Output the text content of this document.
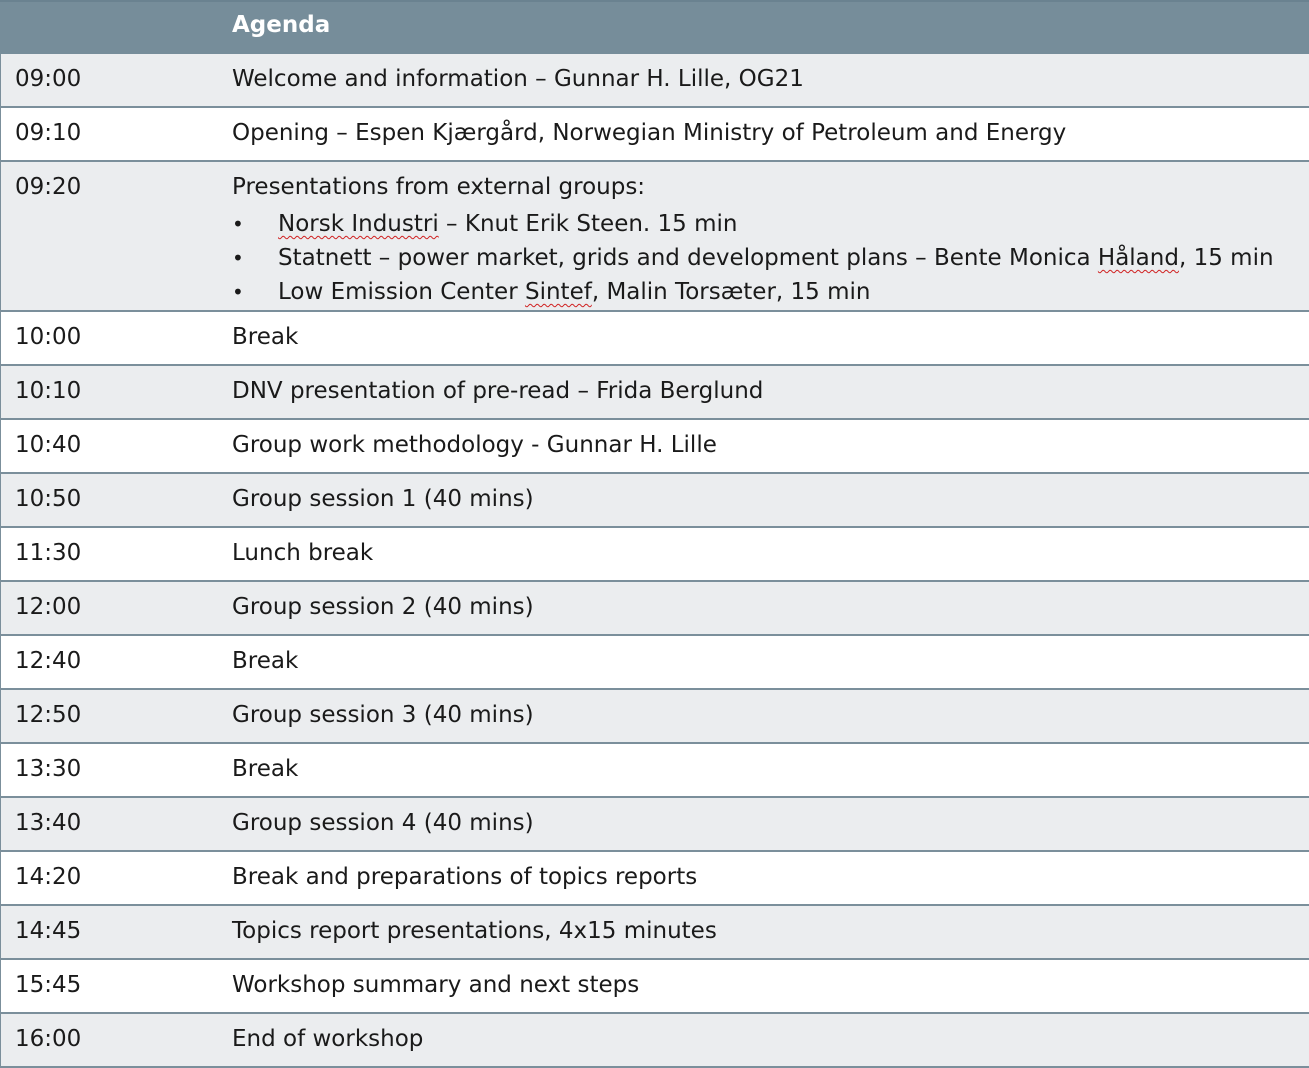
Agenda
09:00	Welcome and information – Gunnar H. Lille, OG21
09:10	Opening – Espen Kjærgård, Norwegian Ministry of Petroleum and Energy
09:20	Presentations from external groups:
• Norsk Industri – Knut Erik Steen. 15 min
• Statnett – power market, grids and development plans – Bente Monica Håland, 15 min
• Low Emission Center Sintef, Malin Torsæter, 15 min
10:00	Break
10:10	DNV presentation of pre-read – Frida Berglund
10:40	Group work methodology - Gunnar H. Lille
10:50	Group session 1 (40 mins)
11:30	Lunch break
12:00	Group session 2 (40 mins)
12:40	Break
12:50	Group session 3 (40 mins)
13:30	Break
13:40	Group session 4 (40 mins)
14:20	Break and preparations of topics reports
14:45	Topics report presentations, 4x15 minutes
15:45	Workshop summary and next steps
16:00	End of workshop
